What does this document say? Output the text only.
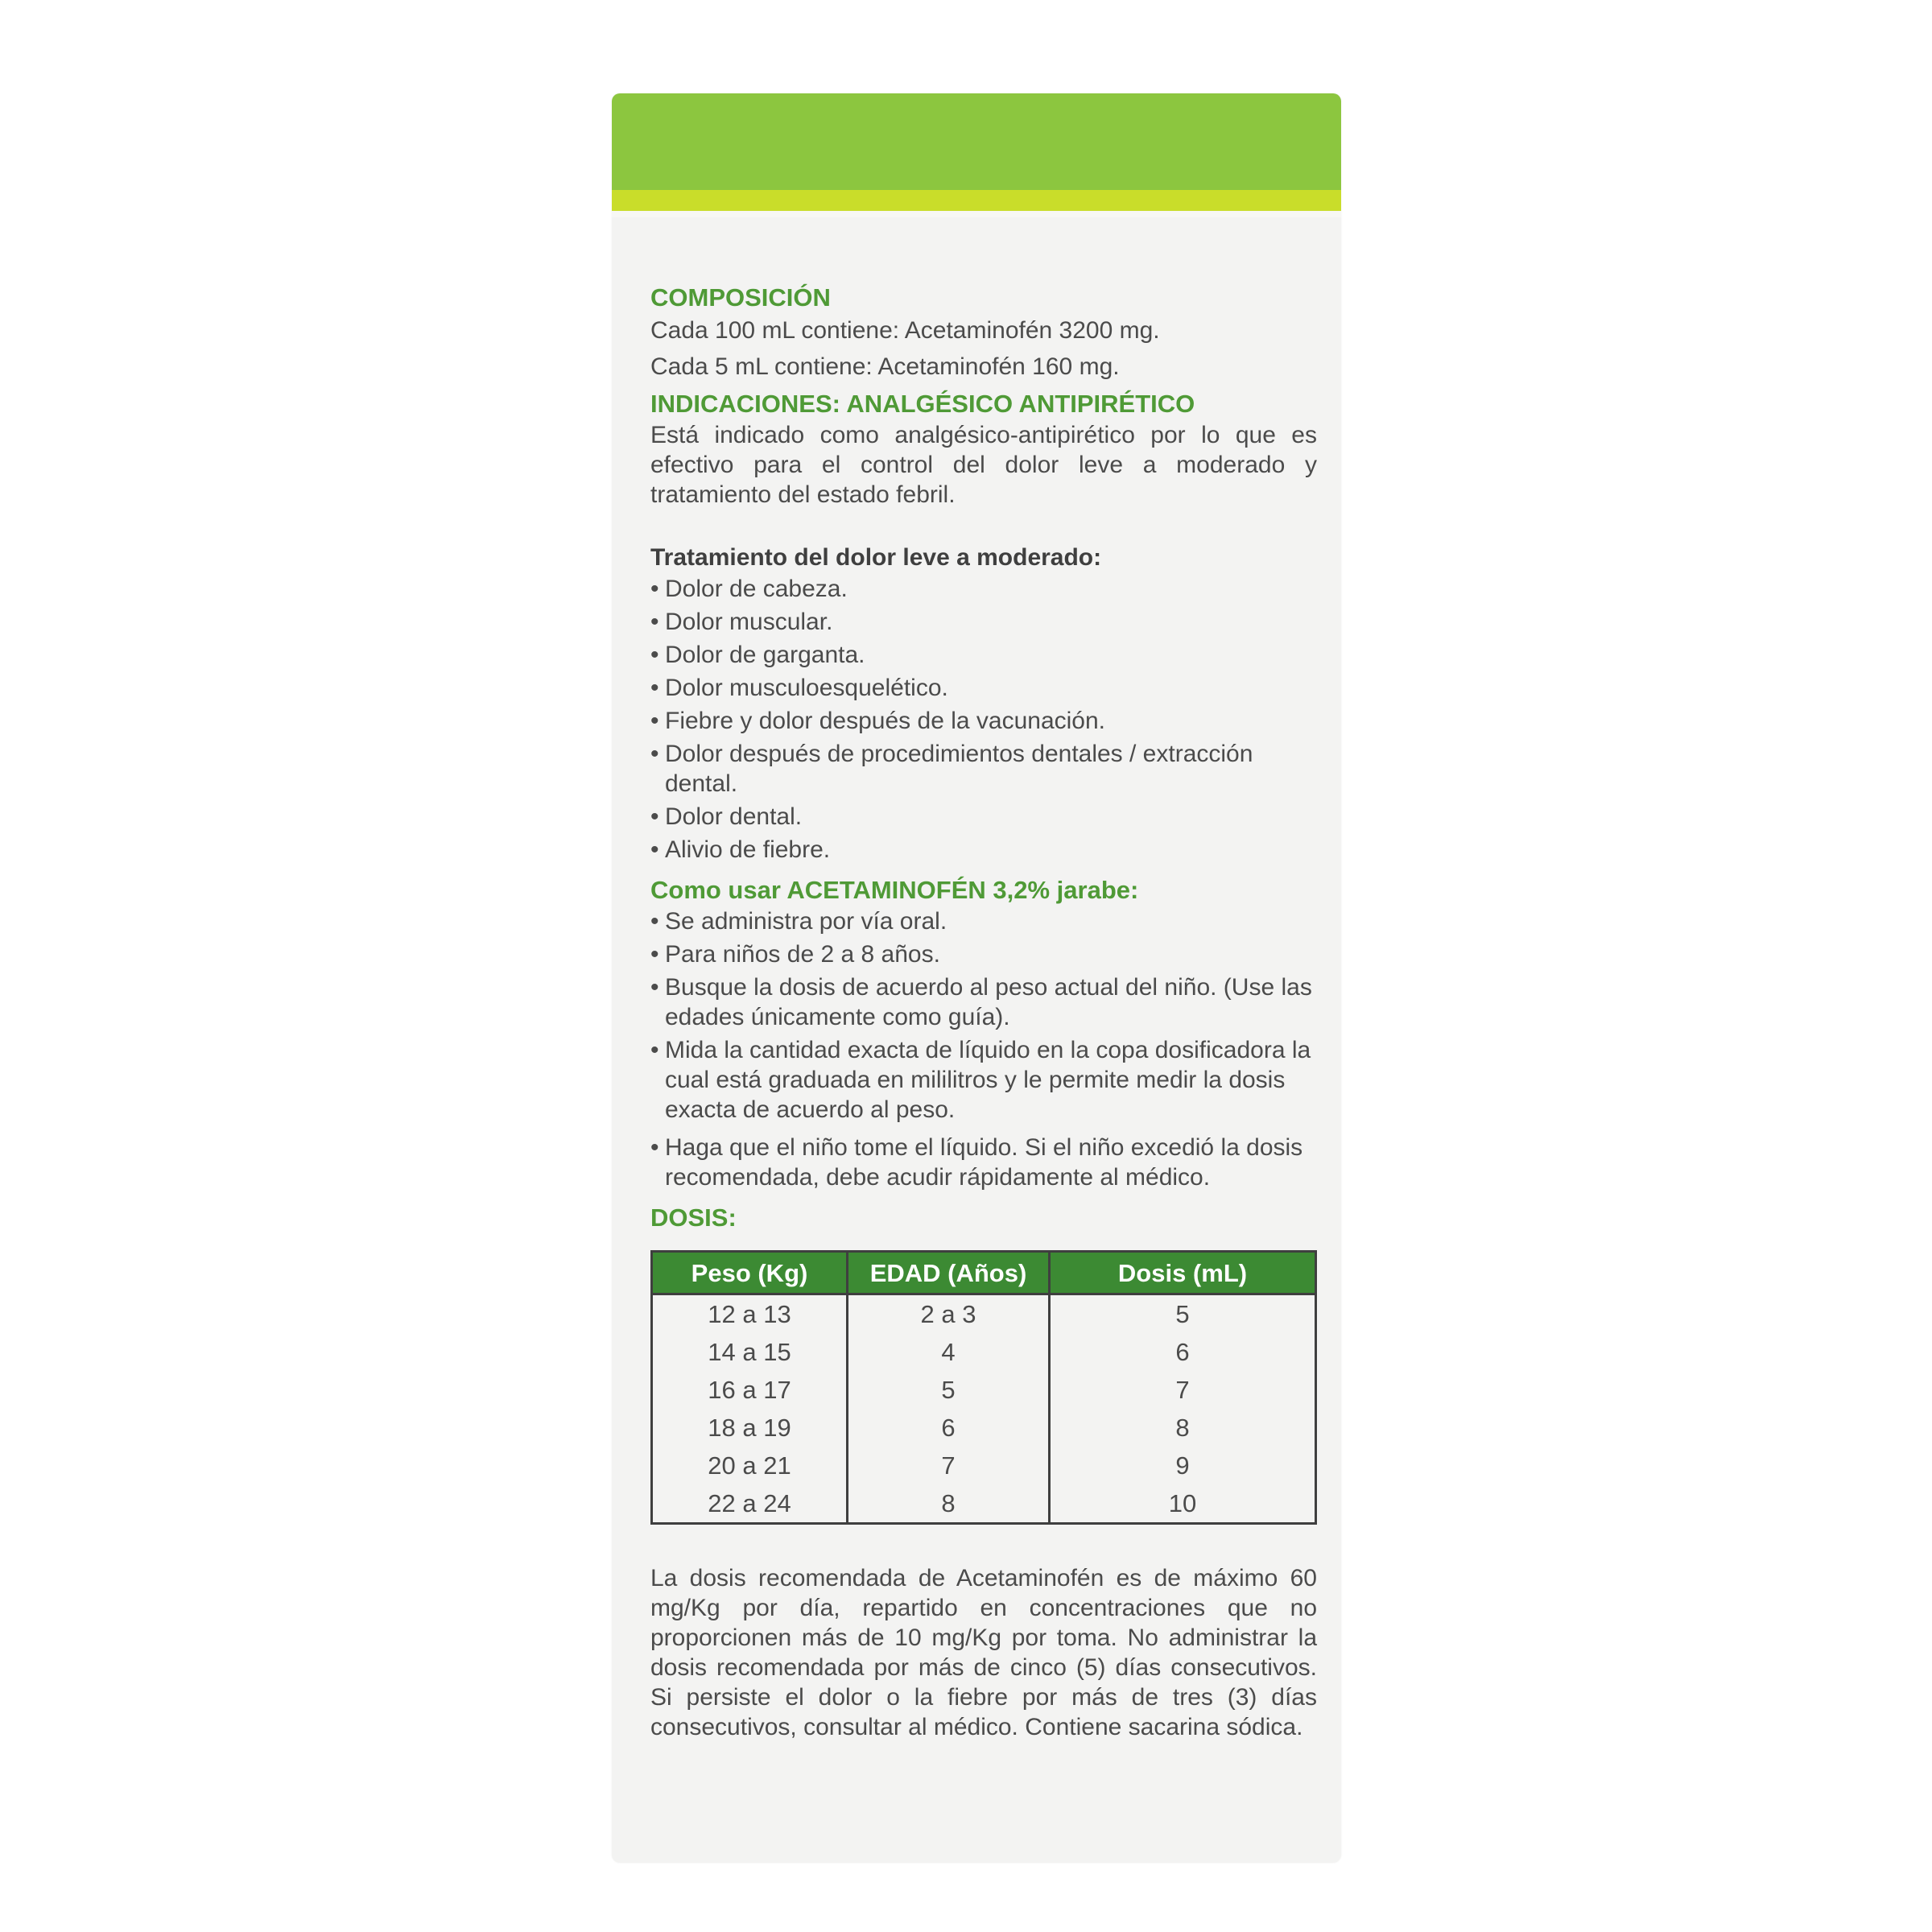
COMPOSICIÓN

Cada 100 mL contiene: Acetaminofén 3200 mg.

Cada 5 mL contiene: Acetaminofén 160 mg.

INDICACIONES: ANALGÉSICO ANTIPIRÉTICO

Está indicado como analgésico-antipirético por lo que es efectivo para el control del dolor leve a moderado y tratamiento del estado febril.

Tratamiento del dolor leve a moderado:
• Dolor de cabeza.
• Dolor muscular.
• Dolor de garganta.
• Dolor musculoesquelético.
• Fiebre y dolor después de la vacunación.
• Dolor después de procedimientos dentales / extracción dental.
• Dolor dental.
• Alivio de fiebre.
Como usar ACETAMINOFÉN 3,2% jarabe:
• Se administra por vía oral.
• Para niños de 2 a 8 años.
• Busque la dosis de acuerdo al peso actual del niño. (Use las edades únicamente como guía).
• Mida la cantidad exacta de líquido en la copa dosificadora la cual está graduada en mililitros y le permite medir la dosis exacta de acuerdo al peso.
• Haga que el niño tome el líquido. Si el niño excedió la dosis recomendada, debe acudir rápidamente al médico.
DOSIS:
Peso (Kg)	EDAD (Años)	Dosis (mL)
12 a 13	2 a 3	5
14 a 15	4	6
16 a 17	5	7
18 a 19	6	8
20 a 21	7	9
22 a 24	8	10

La dosis recomendada de Acetaminofén es de máximo 60 mg/Kg por día, repartido en concentraciones que no proporcionen más de 10 mg/Kg por toma. No administrar la dosis recomendada por más de cinco (5) días consecutivos. Si persiste el dolor o la fiebre por más de tres (3) días consecutivos, consultar al médico. Contiene sacarina sódica.
